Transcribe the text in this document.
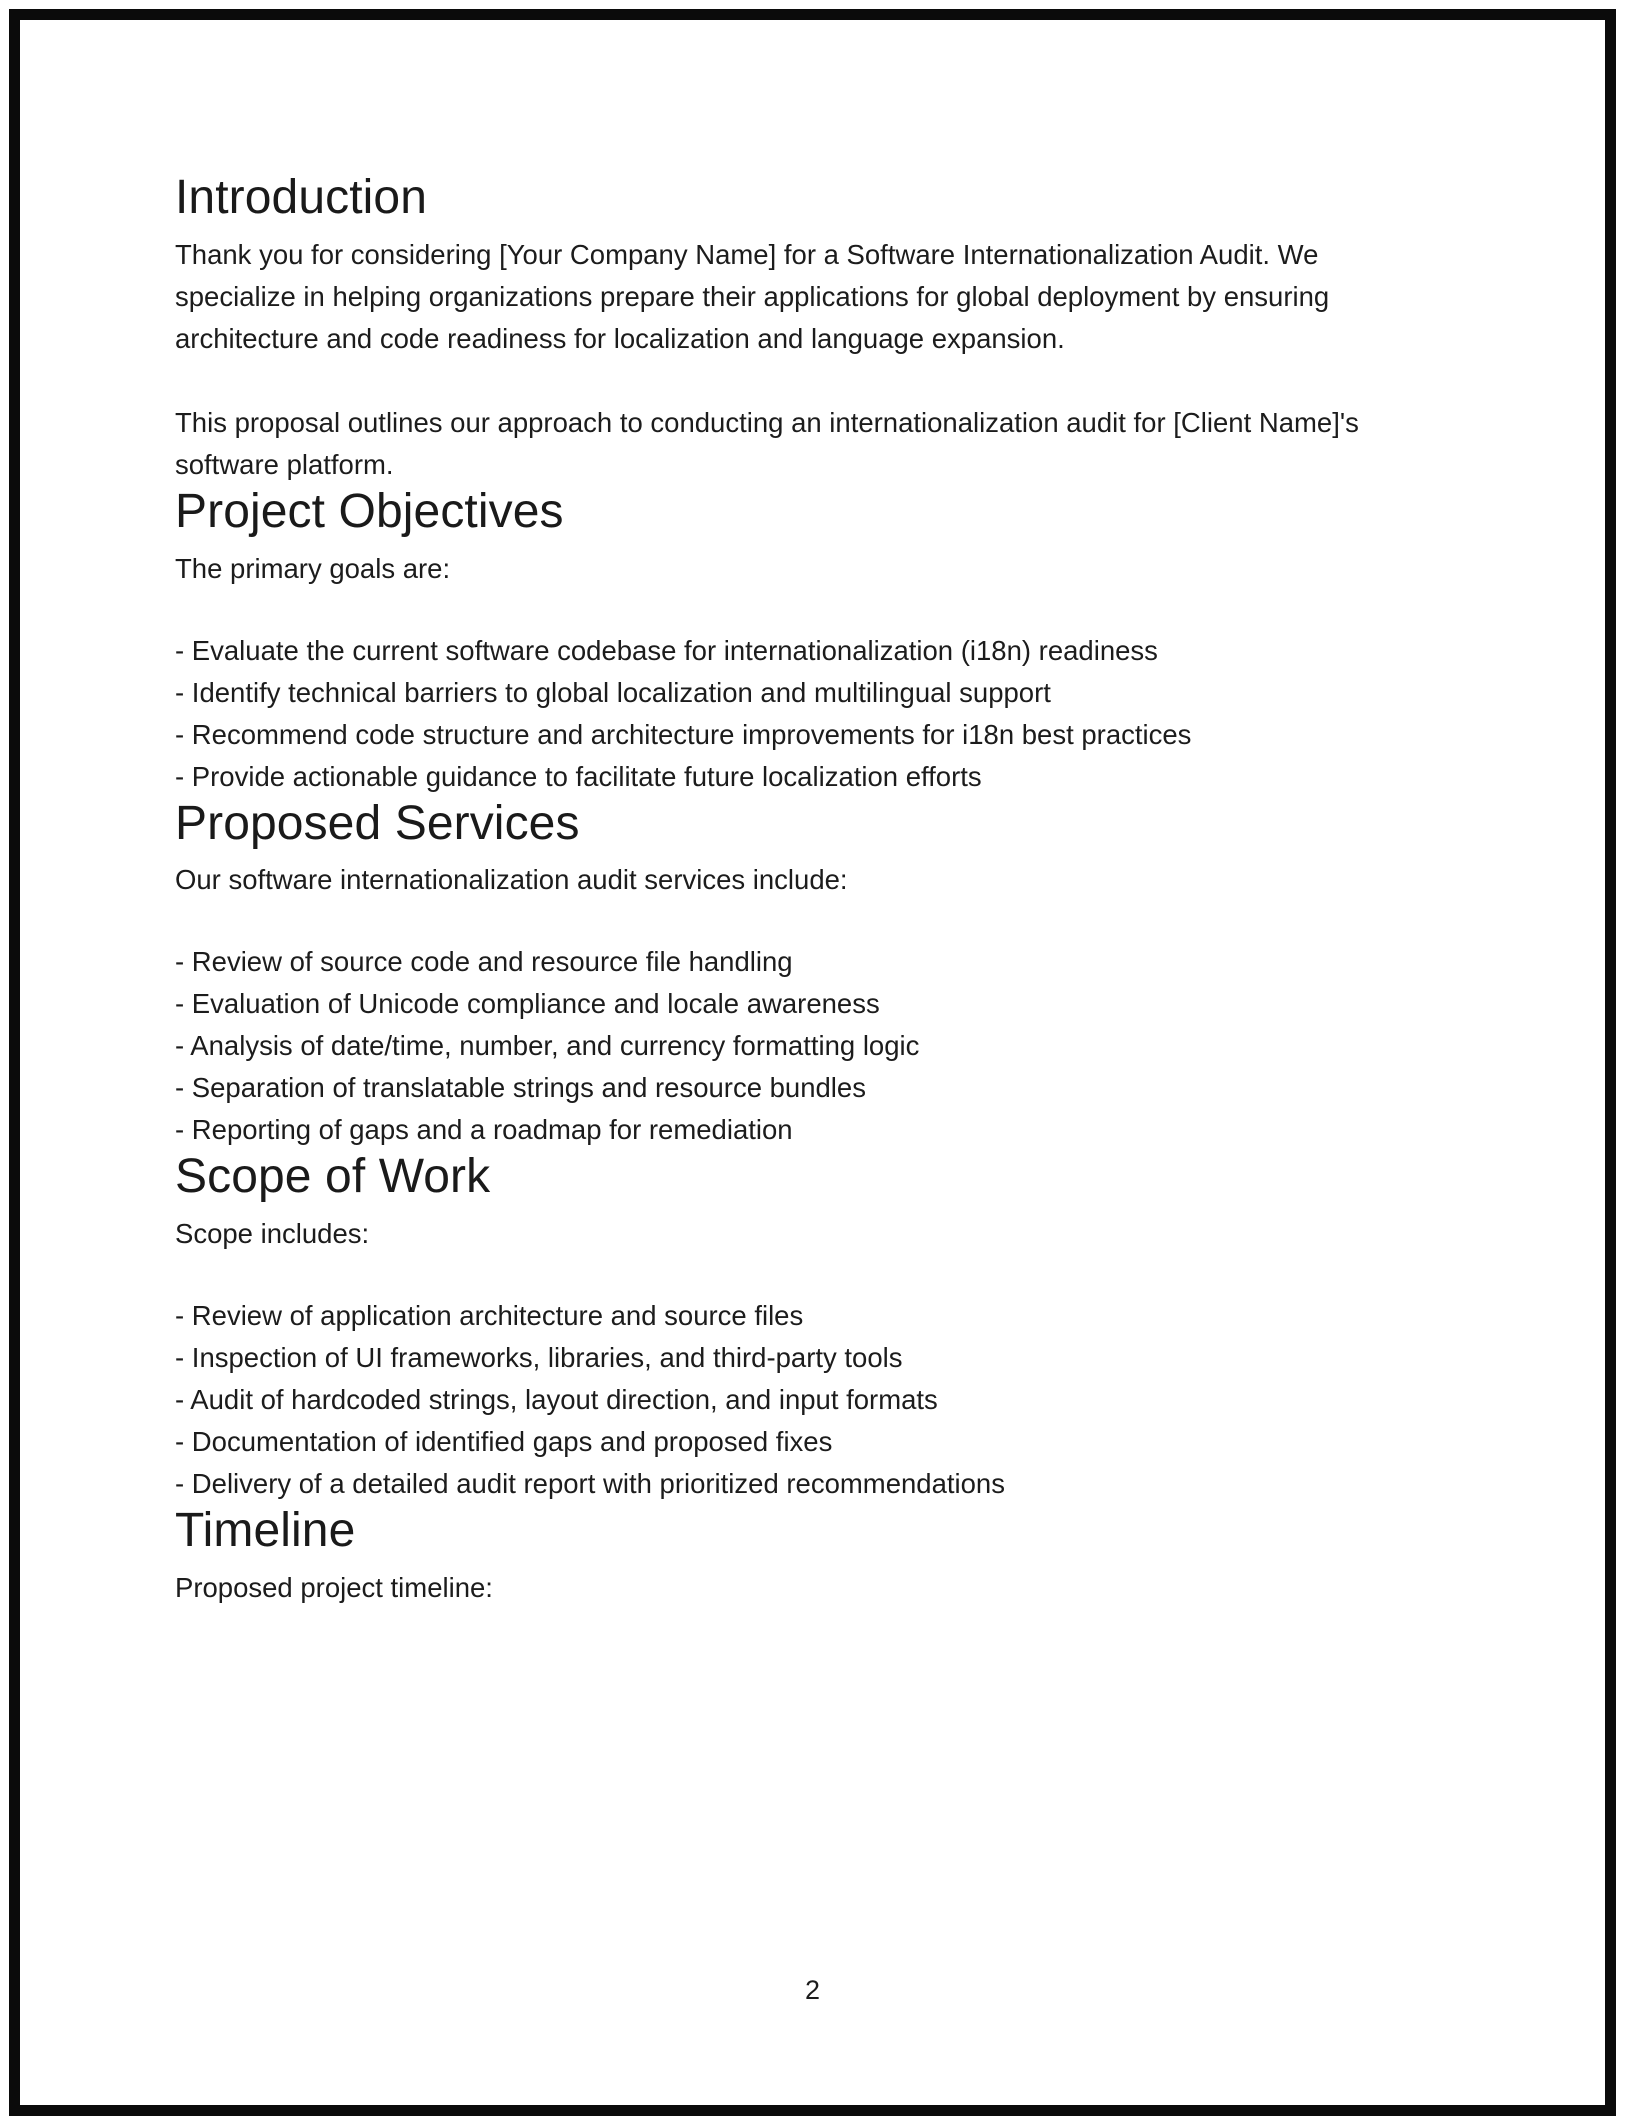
Introduction

Thank you for considering [Your Company Name] for a Software Internationalization Audit. We specialize in helping organizations prepare their applications for global deployment by ensuring architecture and code readiness for localization and language expansion.

This proposal outlines our approach to conducting an internationalization audit for [Client Name]'s software platform.

Project Objectives

The primary goals are:

- Evaluate the current software codebase for internationalization (i18n) readiness
- Identify technical barriers to global localization and multilingual support
- Recommend code structure and architecture improvements for i18n best practices
- Provide actionable guidance to facilitate future localization efforts
Proposed Services

Our software internationalization audit services include:

- Review of source code and resource file handling
- Evaluation of Unicode compliance and locale awareness
- Analysis of date/time, number, and currency formatting logic
- Separation of translatable strings and resource bundles
- Reporting of gaps and a roadmap for remediation
Scope of Work

Scope includes:

- Review of application architecture and source files
- Inspection of UI frameworks, libraries, and third-party tools
- Audit of hardcoded strings, layout direction, and input formats
- Documentation of identified gaps and proposed fixes
- Delivery of a detailed audit report with prioritized recommendations
Timeline

Proposed project timeline:

2
